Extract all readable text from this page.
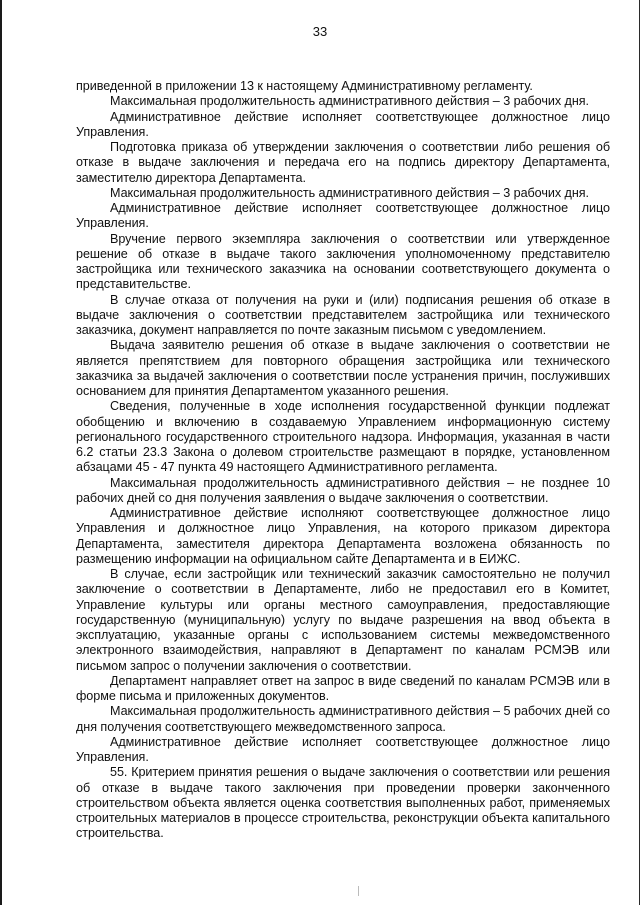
33

приведенной в приложении 13 к настоящему Административному регламенту.

Максимальная продолжительность административного действия – 3 рабочих дня.

Административное действие исполняет соответствующее должностное лицо Управления.

Подготовка приказа об утверждении заключения о соответствии либо решения об отказе в выдаче заключения и передача его на подпись директору Департамента, заместителю директора Департамента.

Максимальная продолжительность административного действия – 3 рабочих дня.

Административное действие исполняет соответствующее должностное лицо Управления.

Вручение первого экземпляра заключения о соответствии или утвержденное решение об отказе в выдаче такого заключения уполномоченному представителю застройщика или технического заказчика на основании соответствующего документа о представительстве.

В случае отказа от получения на руки и (или) подписания решения об отказе в выдаче заключения о соответствии представителем застройщика или технического заказчика, документ направляется по почте заказным письмом с уведомлением.

Выдача заявителю решения об отказе в выдаче заключения о соответствии не является препятствием для повторного обращения застройщика или технического заказчика за выдачей заключения о соответствии после устранения причин, послуживших основанием для принятия Департаментом указанного решения.

Сведения, полученные в ходе исполнения государственной функции подлежат обобщению и включению в создаваемую Управлением информационную систему регионального государственного строительного надзора. Информация, указанная в части 6.2 статьи 23.3 Закона о долевом строительстве размещают в порядке, установленном абзацами 45 - 47 пункта 49 настоящего Административного регламента.

Максимальная продолжительность административного действия – не позднее 10 рабочих дней со дня получения заявления о выдаче заключения о соответствии.

Административное действие исполняют соответствующее должностное лицо Управления и должностное лицо Управления, на которого приказом директора Департамента, заместителя директора Департамента возложена обязанность по размещению информации на официальном сайте Департамента и в ЕИЖС.

В случае, если застройщик или технический заказчик самостоятельно не получил заключение о соответствии в Департаменте, либо не предоставил его в Комитет, Управление культуры или органы местного самоуправления, предоставляющие государственную (муниципальную) услугу по выдаче разрешения на ввод объекта в эксплуатацию, указанные органы с использованием системы межведомственного электронного взаимодействия, направляют в Департамент по каналам РСМЭВ или письмом запрос о получении заключения о соответствии.

Департамент направляет ответ на запрос в виде сведений по каналам РСМЭВ или в форме письма и приложенных документов.

Максимальная продолжительность административного действия – 5 рабочих дней со дня получения соответствующего межведомственного запроса.

Административное действие исполняет соответствующее должностное лицо Управления.

55. Критерием принятия решения о выдаче заключения о соответствии или решения об отказе в выдаче такого заключения при проведении проверки законченного строительством объекта является оценка соответствия выполненных работ, применяемых строительных материалов в процессе строительства, реконструкции объекта капитального строительства.
